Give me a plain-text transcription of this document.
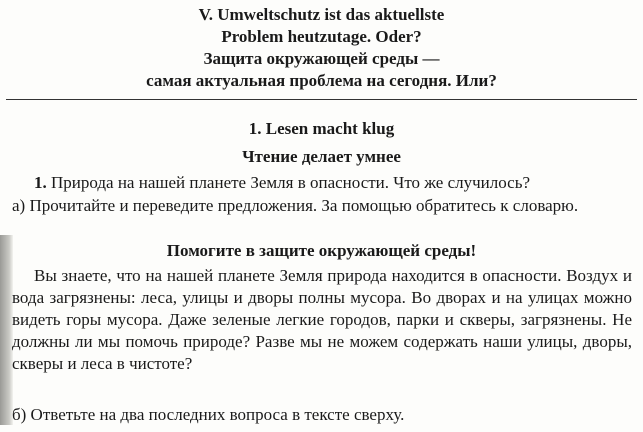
V. Umweltschutz ist das aktuellste
Problem heutzutage. Oder?
Защита окружающей среды —
самая актуальная проблема на сегодня. Или?
1. Lesen macht klug
Чтение делает умнее
1. Природа на нашей планете Земля в опасности. Что же случилось?
а) Прочитайте и переведите предложения. За помощью обратитесь к словарю.
Помогите в защите окружающей среды!
Вы знаете, что на нашей планете Земля природа находится в опасности. Воздух и вода загрязнены: леса, улицы и дворы полны мусора. Во дворах и на улицах можно видеть горы мусора. Даже зеленые легкие городов, парки и скверы, загрязнены. Не должны ли мы помочь природе? Разве мы не можем содержать наши улицы, дворы, скверы и леса в чистоте?
б) Ответьте на два последних вопроса в тексте сверху.
